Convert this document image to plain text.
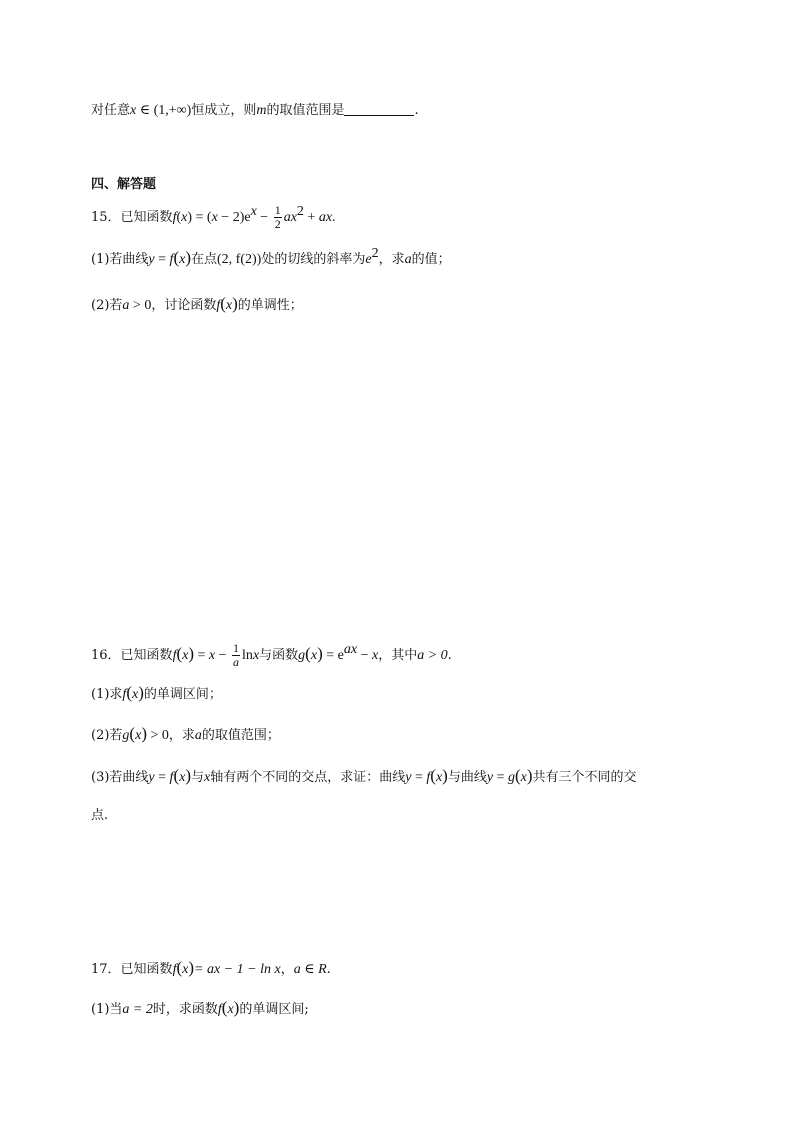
对任意x ∈ (1,+∞)恒成立，则m的取值范围是	.
四、解答题
15．已知函数$f(x) = (x - 2)e^x - \frac{1}{2} ax^2$ + ax.
(1)若曲线y = f(x)在点(2, f(2))处的切线的斜率为$e^2$，求a的值；
(2)若a > 0，讨论函数f(x)的单调性；
16．已知函数$f(x) = x - \frac{1}{a}$ lnx与函数$g(x) = e^{ax} - x$，其中a > 0.
(1)求f(x)的单调区间；
(2)若g(x) > 0，求a的取值范围；
(3)若曲线y = f(x)与x轴有两个不同的交点，求证：曲线y = f(x)与曲线y = g(x)共有三个不同的交
点.
17．已知函数f(x)= ax − 1 − ln x，a ∈ R.
(1)当a = 2时，求函数f(x)的单调区间;
